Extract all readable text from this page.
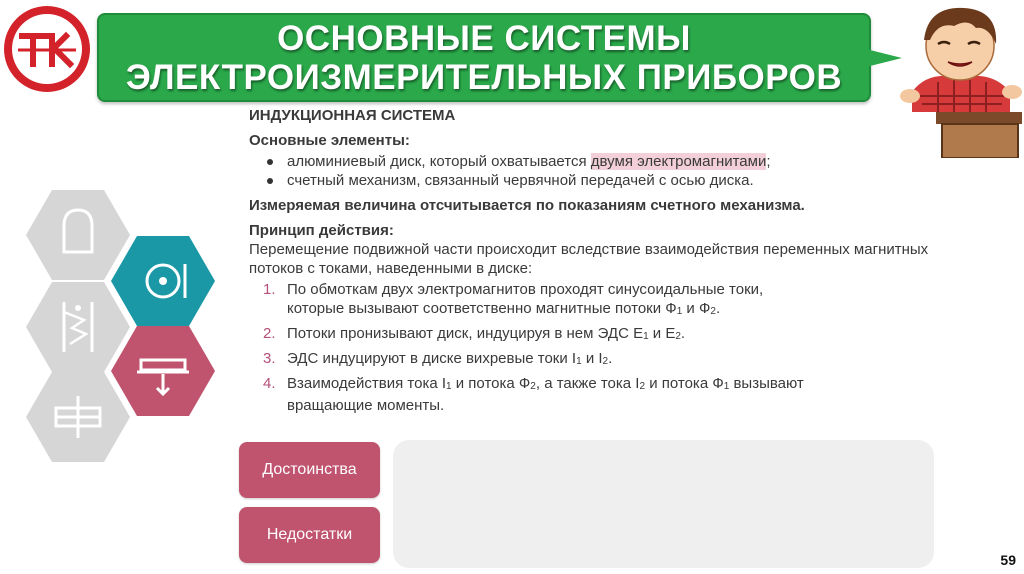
ОСНОВНЫЕ СИСТЕМЫ
ЭЛЕКТРОИЗМЕРИТЕЛЬНЫХ ПРИБОРОВ

ИНДУКЦИОННАЯ СИСТЕМА

Основные элементы:

алюминиевый диск, который охватывается двумя электромагнитами;
счетный механизм, связанный червячной передачей с осью диска.

Измеряемая величина отсчитывается по показаниям счетного механизма.

Принцип действия:

Перемещение подвижной части происходит вследствие взаимодействия переменных магнитных потоков с токами, наведенными в диске:

1. По обмоткам двух электромагнитов проходят синусоидальные токи,
которые вызывают соответственно магнитные потоки $Ф_1$ и $Ф_2$.
2. Потоки пронизывают диск, индуцируя в нем ЭДС $Е_1$ и $Е_2$.
3. ЭДС индуцируют в диске вихревые токи $I_1$ и $I_2$.
4. Взаимодействия тока $I_1$ и потока $Ф_2$, а также тока $I_2$ и потока $Ф_1$ вызывают
вращающие моменты.
Достоинства
Недостатки
59
